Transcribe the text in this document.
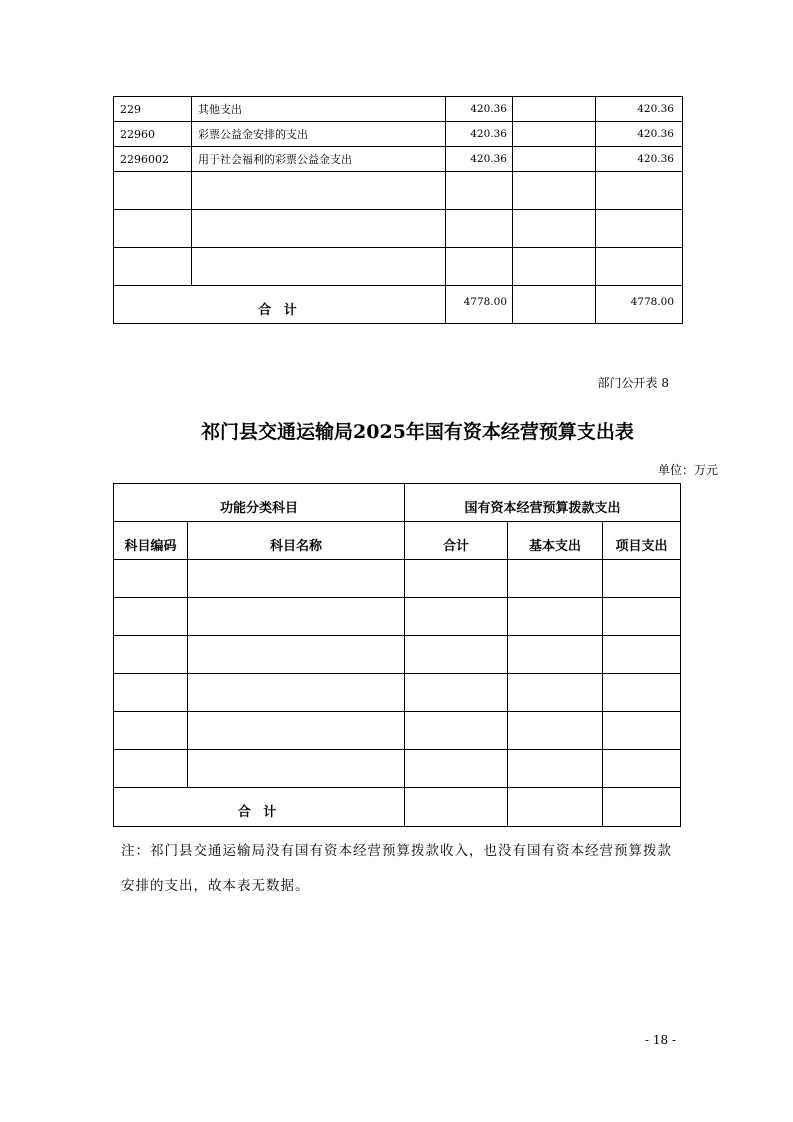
229	其他支出	420.36		420.36
22960	彩票公益金安排的支出	420.36		420.36
2296002	用于社会福利的彩票公益金支出	420.36		420.36

合 计		4778.00		4778.00
部门公开表 8
祁门县交通运输局2025年国有资本经营预算支出表
单位：万元
功能分类科目		国有资本经营预算拨款支出		
科目编码	科目名称	合计	基本支出	项目支出

合 计				
注：祁门县交通运输局没有国有资本经营预算拨款收入，也没有国有资本经营预算拨款
安排的支出，故本表无数据。
- 18 -
